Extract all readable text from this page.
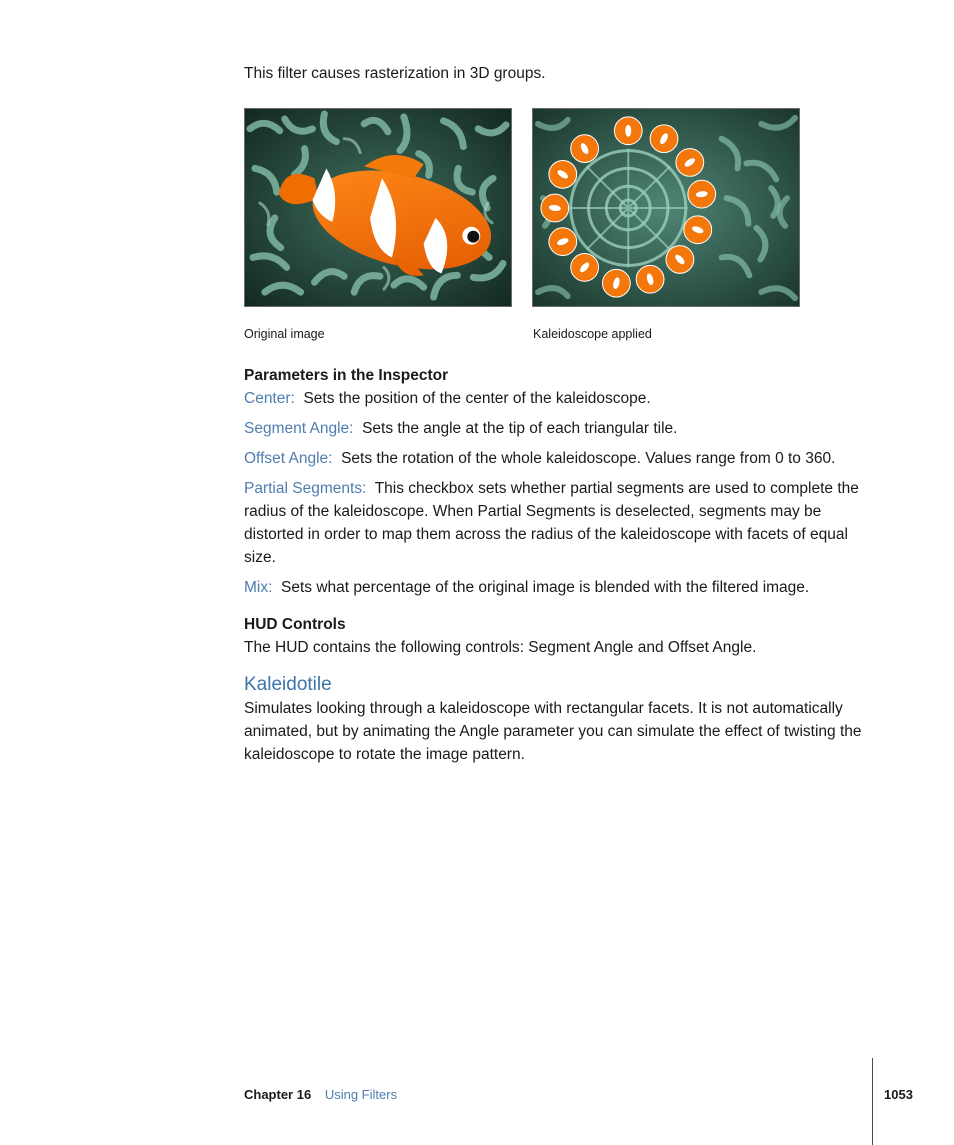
This filter causes rasterization in 3D groups.

Original image	Kaleidoscope applied

Parameters in the Inspector

Center: Sets the position of the center of the kaleidoscope.

Segment Angle: Sets the angle at the tip of each triangular tile.

Offset Angle: Sets the rotation of the whole kaleidoscope. Values range from 0 to 360.

Partial Segments: This checkbox sets whether partial segments are used to complete the radius of the kaleidoscope. When Partial Segments is deselected, segments may be distorted in order to map them across the radius of the kaleidoscope with facets of equal size.

Mix: Sets what percentage of the original image is blended with the filtered image.

HUD Controls

The HUD contains the following controls: Segment Angle and Offset Angle.

Kaleidotile

Simulates looking through a kaleidoscope with rectangular facets. It is not automatically animated, but by animating the Angle parameter you can simulate the effect of twisting the kaleidoscope to rotate the image pattern.

Chapter 16 Using Filters	1053
